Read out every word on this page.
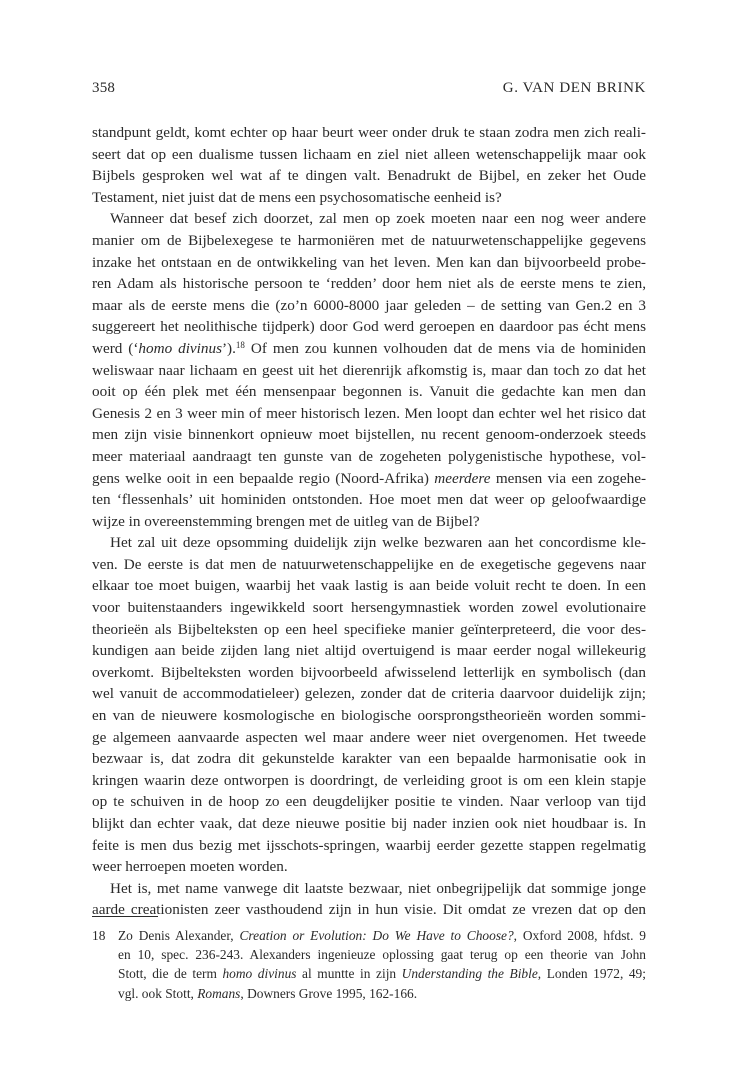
358	G. VAN DEN BRINK
standpunt geldt, komt echter op haar beurt weer onder druk te staan zodra men zich reali-
seert dat op een dualisme tussen lichaam en ziel niet alleen wetenschappelijk maar ook
Bijbels gesproken wel wat af te dingen valt. Benadrukt de Bijbel, en zeker het Oude
Testament, niet juist dat de mens een psychosomatische eenheid is?
Wanneer dat besef zich doorzet, zal men op zoek moeten naar een nog weer andere
manier om de Bijbelexegese te harmoniëren met de natuurwetenschappelijke gegevens
inzake het ontstaan en de ontwikkeling van het leven. Men kan dan bijvoorbeeld probe-
ren Adam als historische persoon te ‘redden’ door hem niet als de eerste mens te zien,
maar als de eerste mens die (zo’n 6000-8000 jaar geleden – de setting van Gen.2 en 3
suggereert het neolithische tijdperk) door God werd geroepen en daardoor pas écht mens
werd (‘homo divinus’).$^{18}$ Of men zou kunnen volhouden dat de mens via de hominiden
weliswaar naar lichaam en geest uit het dierenrijk afkomstig is, maar dan toch zo dat het
ooit op één plek met één mensenpaar begonnen is. Vanuit die gedachte kan men dan
Genesis 2 en 3 weer min of meer historisch lezen. Men loopt dan echter wel het risico dat
men zijn visie binnenkort opnieuw moet bijstellen, nu recent genoom-onderzoek steeds
meer materiaal aandraagt ten gunste van de zogeheten polygenistische hypothese, vol-
gens welke ooit in een bepaalde regio (Noord-Afrika) meerdere mensen via een zogehe-
ten ‘flessenhals’ uit hominiden ontstonden. Hoe moet men dat weer op geloofwaardige
wijze in overeenstemming brengen met de uitleg van de Bijbel?
Het zal uit deze opsomming duidelijk zijn welke bezwaren aan het concordisme kle-
ven. De eerste is dat men de natuurwetenschappelijke en de exegetische gegevens naar
elkaar toe moet buigen, waarbij het vaak lastig is aan beide voluit recht te doen. In een
voor buitenstaanders ingewikkeld soort hersengymnastiek worden zowel evolutionaire
theorieën als Bijbelteksten op een heel specifieke manier geïnterpreteerd, die voor des-
kundigen aan beide zijden lang niet altijd overtuigend is maar eerder nogal willekeurig
overkomt. Bijbelteksten worden bijvoorbeeld afwisselend letterlijk en symbolisch (dan
wel vanuit de accommodatieleer) gelezen, zonder dat de criteria daarvoor duidelijk zijn;
en van de nieuwere kosmologische en biologische oorsprongstheorieën worden sommi-
ge algemeen aanvaarde aspecten wel maar andere weer niet overgenomen. Het tweede
bezwaar is, dat zodra dit gekunstelde karakter van een bepaalde harmonisatie ook in
kringen waarin deze ontworpen is doordringt, de verleiding groot is om een klein stapje
op te schuiven in de hoop zo een deugdelijker positie te vinden. Naar verloop van tijd
blijkt dan echter vaak, dat deze nieuwe positie bij nader inzien ook niet houdbaar is. In
feite is men dus bezig met ijsschots-springen, waarbij eerder gezette stappen regelmatig
weer herroepen moeten worden.
Het is, met name vanwege dit laatste bezwaar, niet onbegrijpelijk dat sommige jonge
aarde creationisten zeer vasthoudend zijn in hun visie. Dit omdat ze vrezen dat op den
18 Zo Denis Alexander, Creation or Evolution: Do We Have to Choose?, Oxford 2008, hfdst. 9
en 10, spec. 236-243. Alexanders ingenieuze oplossing gaat terug op een theorie van John
Stott, die de term homo divinus al muntte in zijn Understanding the Bible, Londen 1972, 49;
vgl. ook Stott, Romans, Downers Grove 1995, 162-166.
